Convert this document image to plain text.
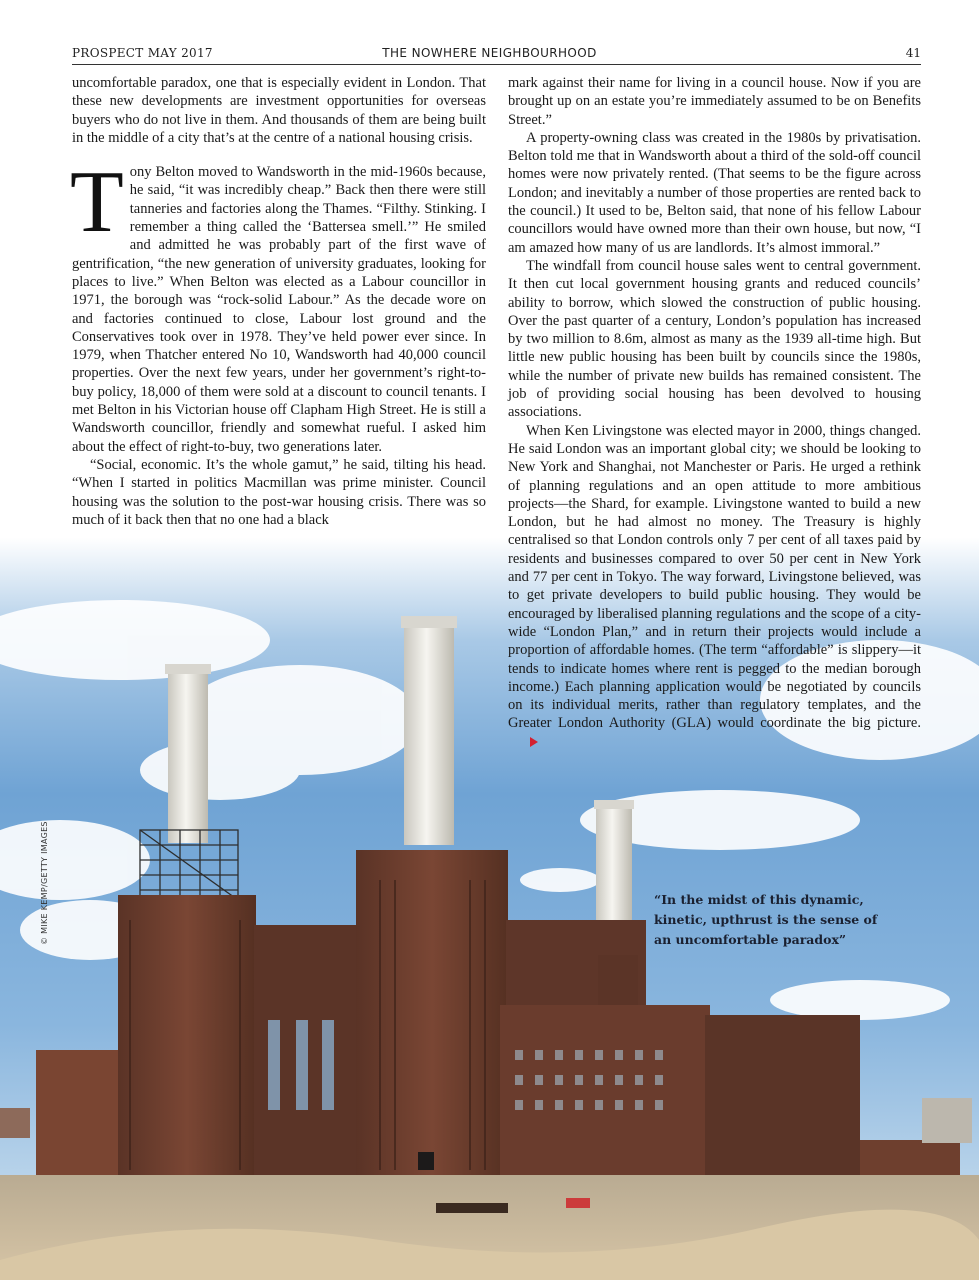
PROSPECT MAY 2017	THE NOWHERE NEIGHBOURHOOD	41

uncomfortable paradox, one that is especially evident in London. That these new developments are investment opportunities for overseas buyers who do not live in them. And thousands of them are being built in the middle of a city that’s at the centre of a national housing crisis.

Tony Belton moved to Wandsworth in the mid-1960s because, he said, “it was incredibly cheap.” Back then there were still tanneries and factories along the Thames. “Filthy. Stinking. I remember a thing called the ‘Battersea smell.’” He smiled and admitted he was probably part of the first wave of gentrification, “the new generation of university graduates, looking for places to live.” When Belton was elected as a Labour councillor in 1971, the borough was “rock-solid Labour.” As the decade wore on and factories continued to close, Labour lost ground and the Conservatives took over in 1978. They’ve held power ever since. In 1979, when Thatcher entered No 10, Wandsworth had 40,000 council properties. Over the next few years, under her government’s right-to-buy policy, 18,000 of them were sold at a discount to council tenants. I met Belton in his Victorian house off Clapham High Street. He is still a Wandsworth councillor, friendly and somewhat rueful. I asked him about the effect of right-to-buy, two generations later.

“Social, economic. It’s the whole gamut,” he said, tilting his head. “When I started in politics Macmillan was prime minister. Council housing was the solution to the post-war housing crisis. There was so much of it back then that no one had a black

mark against their name for living in a council house. Now if you are brought up on an estate you’re immediately assumed to be on Benefits Street.”

A property-owning class was created in the 1980s by privatisation. Belton told me that in Wandsworth about a third of the sold-off council homes were now privately rented. (That seems to be the figure across London; and inevitably a number of those properties are rented back to the council.) It used to be, Belton said, that none of his fellow Labour councillors would have owned more than their own house, but now, “I am amazed how many of us are landlords. It’s almost immoral.”

The windfall from council house sales went to central government. It then cut local government housing grants and reduced councils’ ability to borrow, which slowed the construction of public housing. Over the past quarter of a century, London’s population has increased by two million to 8.6m, almost as many as the 1939 all-time high. But little new public housing has been built by councils since the 1980s, while the number of private new builds has remained consistent. The job of providing social housing has been devolved to housing associations.

When Ken Livingstone was elected mayor in 2000, things changed. He said London was an important global city; we should be looking to New York and Shanghai, not Manchester or Paris. He urged a rethink of planning regulations and an open attitude to more ambitious projects—the Shard, for example. Livingstone wanted to build a new London, but he had almost no money. The Treasury is highly centralised so that London controls only 7 per cent of all taxes paid by residents and businesses compared to over 50 per cent in New York and 77 per cent in Tokyo. The way forward, Livingstone believed, was to get private developers to build public housing. They would be encouraged by liberalised planning regulations and the scope of a city-wide “London Plan,” and in return their projects would include a proportion of affordable homes. (The term “affordable” is slippery—it tends to indicate homes where rent is pegged to the median borough income.) Each planning application would be negotiated by councils on its individual merits, rather than regulatory templates, and the Greater London Authority (GLA) would coordinate the big picture.

“In the midst of this dynamic, kinetic, upthrust is the sense of an uncomfortable paradox”
© MIKE KEMP/GETTY IMAGES
